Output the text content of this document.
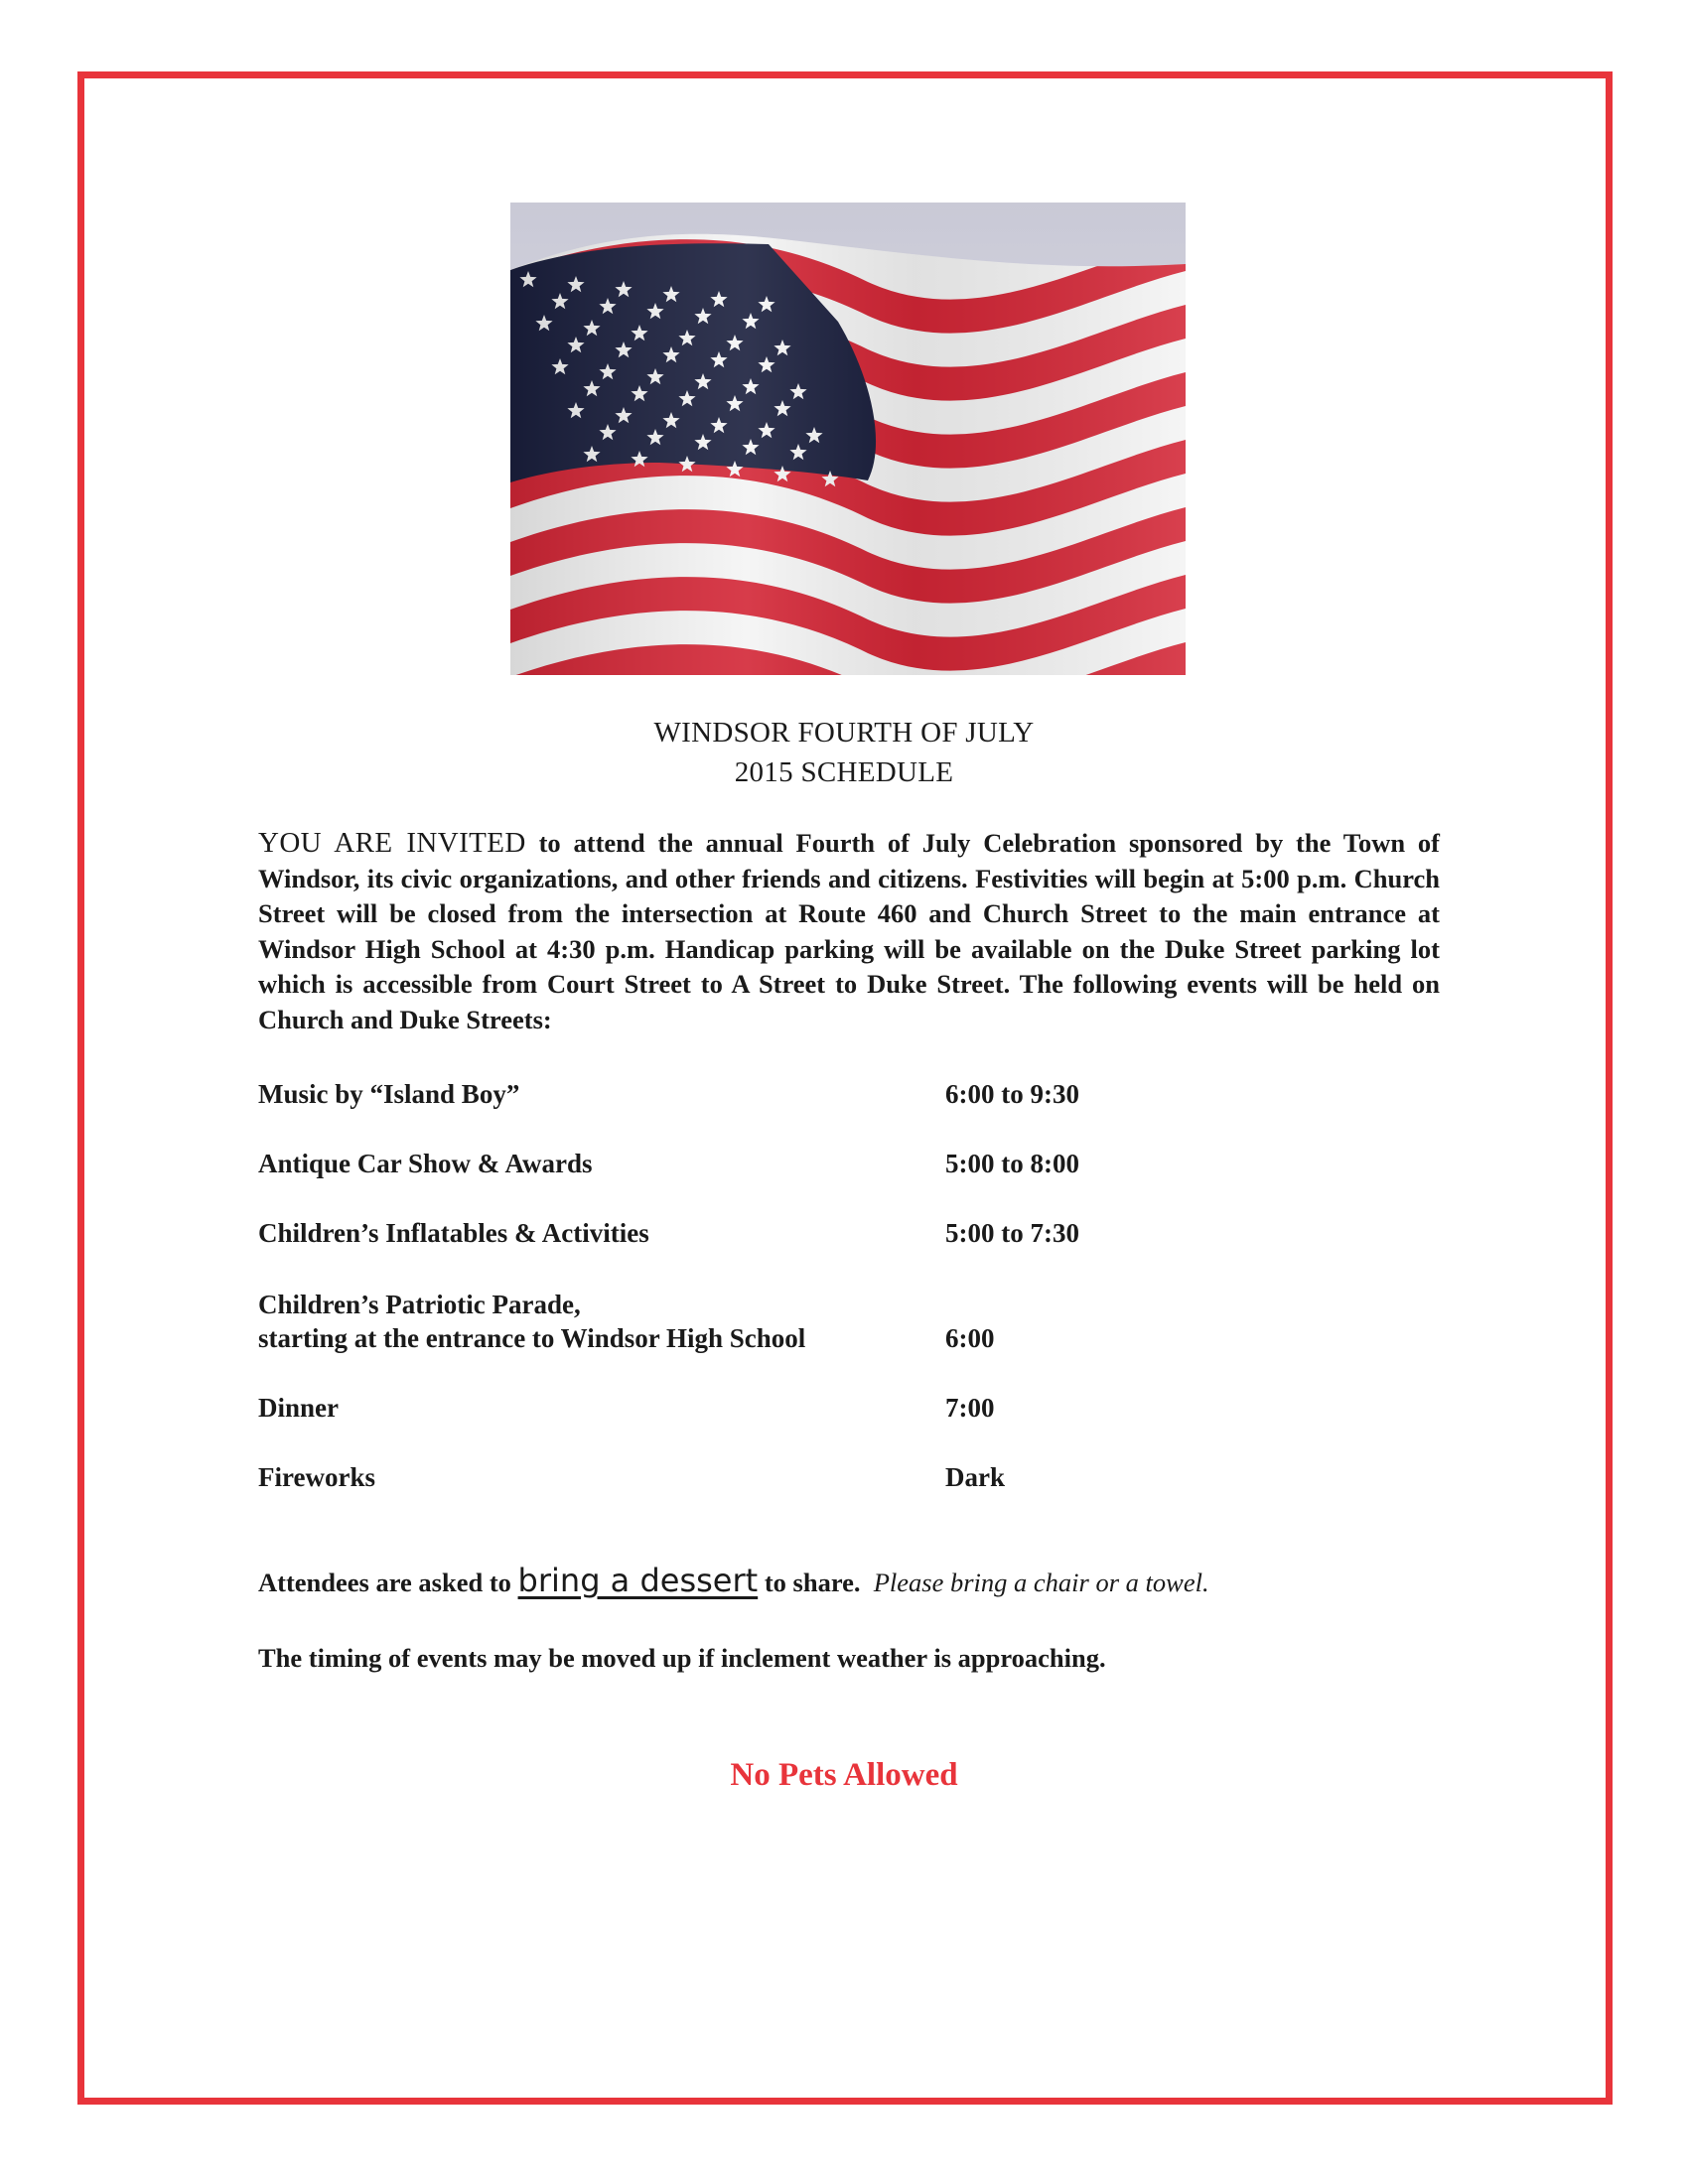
WINDSOR FOURTH OF JULY
2015 SCHEDULE
YOU ARE INVITED to attend the annual Fourth of July Celebration sponsored by the Town of Windsor, its civic organizations, and other friends and citizens. Festivities will begin at 5:00 p.m. Church Street will be closed from the intersection at Route 460 and Church Street to the main entrance at Windsor High School at 4:30 p.m. Handicap parking will be available on the Duke Street parking lot which is accessible from Court Street to A Street to Duke Street. The following events will be held on Church and Duke Streets:
Music by “Island Boy”	6:00 to 9:30
Antique Car Show & Awards	5:00 to 8:00
Children’s Inflatables & Activities	5:00 to 7:30
Children’s Patriotic Parade,
starting at the entrance to Windsor High School	6:00
Dinner	7:00
Fireworks	Dark
Attendees are asked to bring a dessert to share. Please bring a chair or a towel.
The timing of events may be moved up if inclement weather is approaching.
No Pets Allowed
